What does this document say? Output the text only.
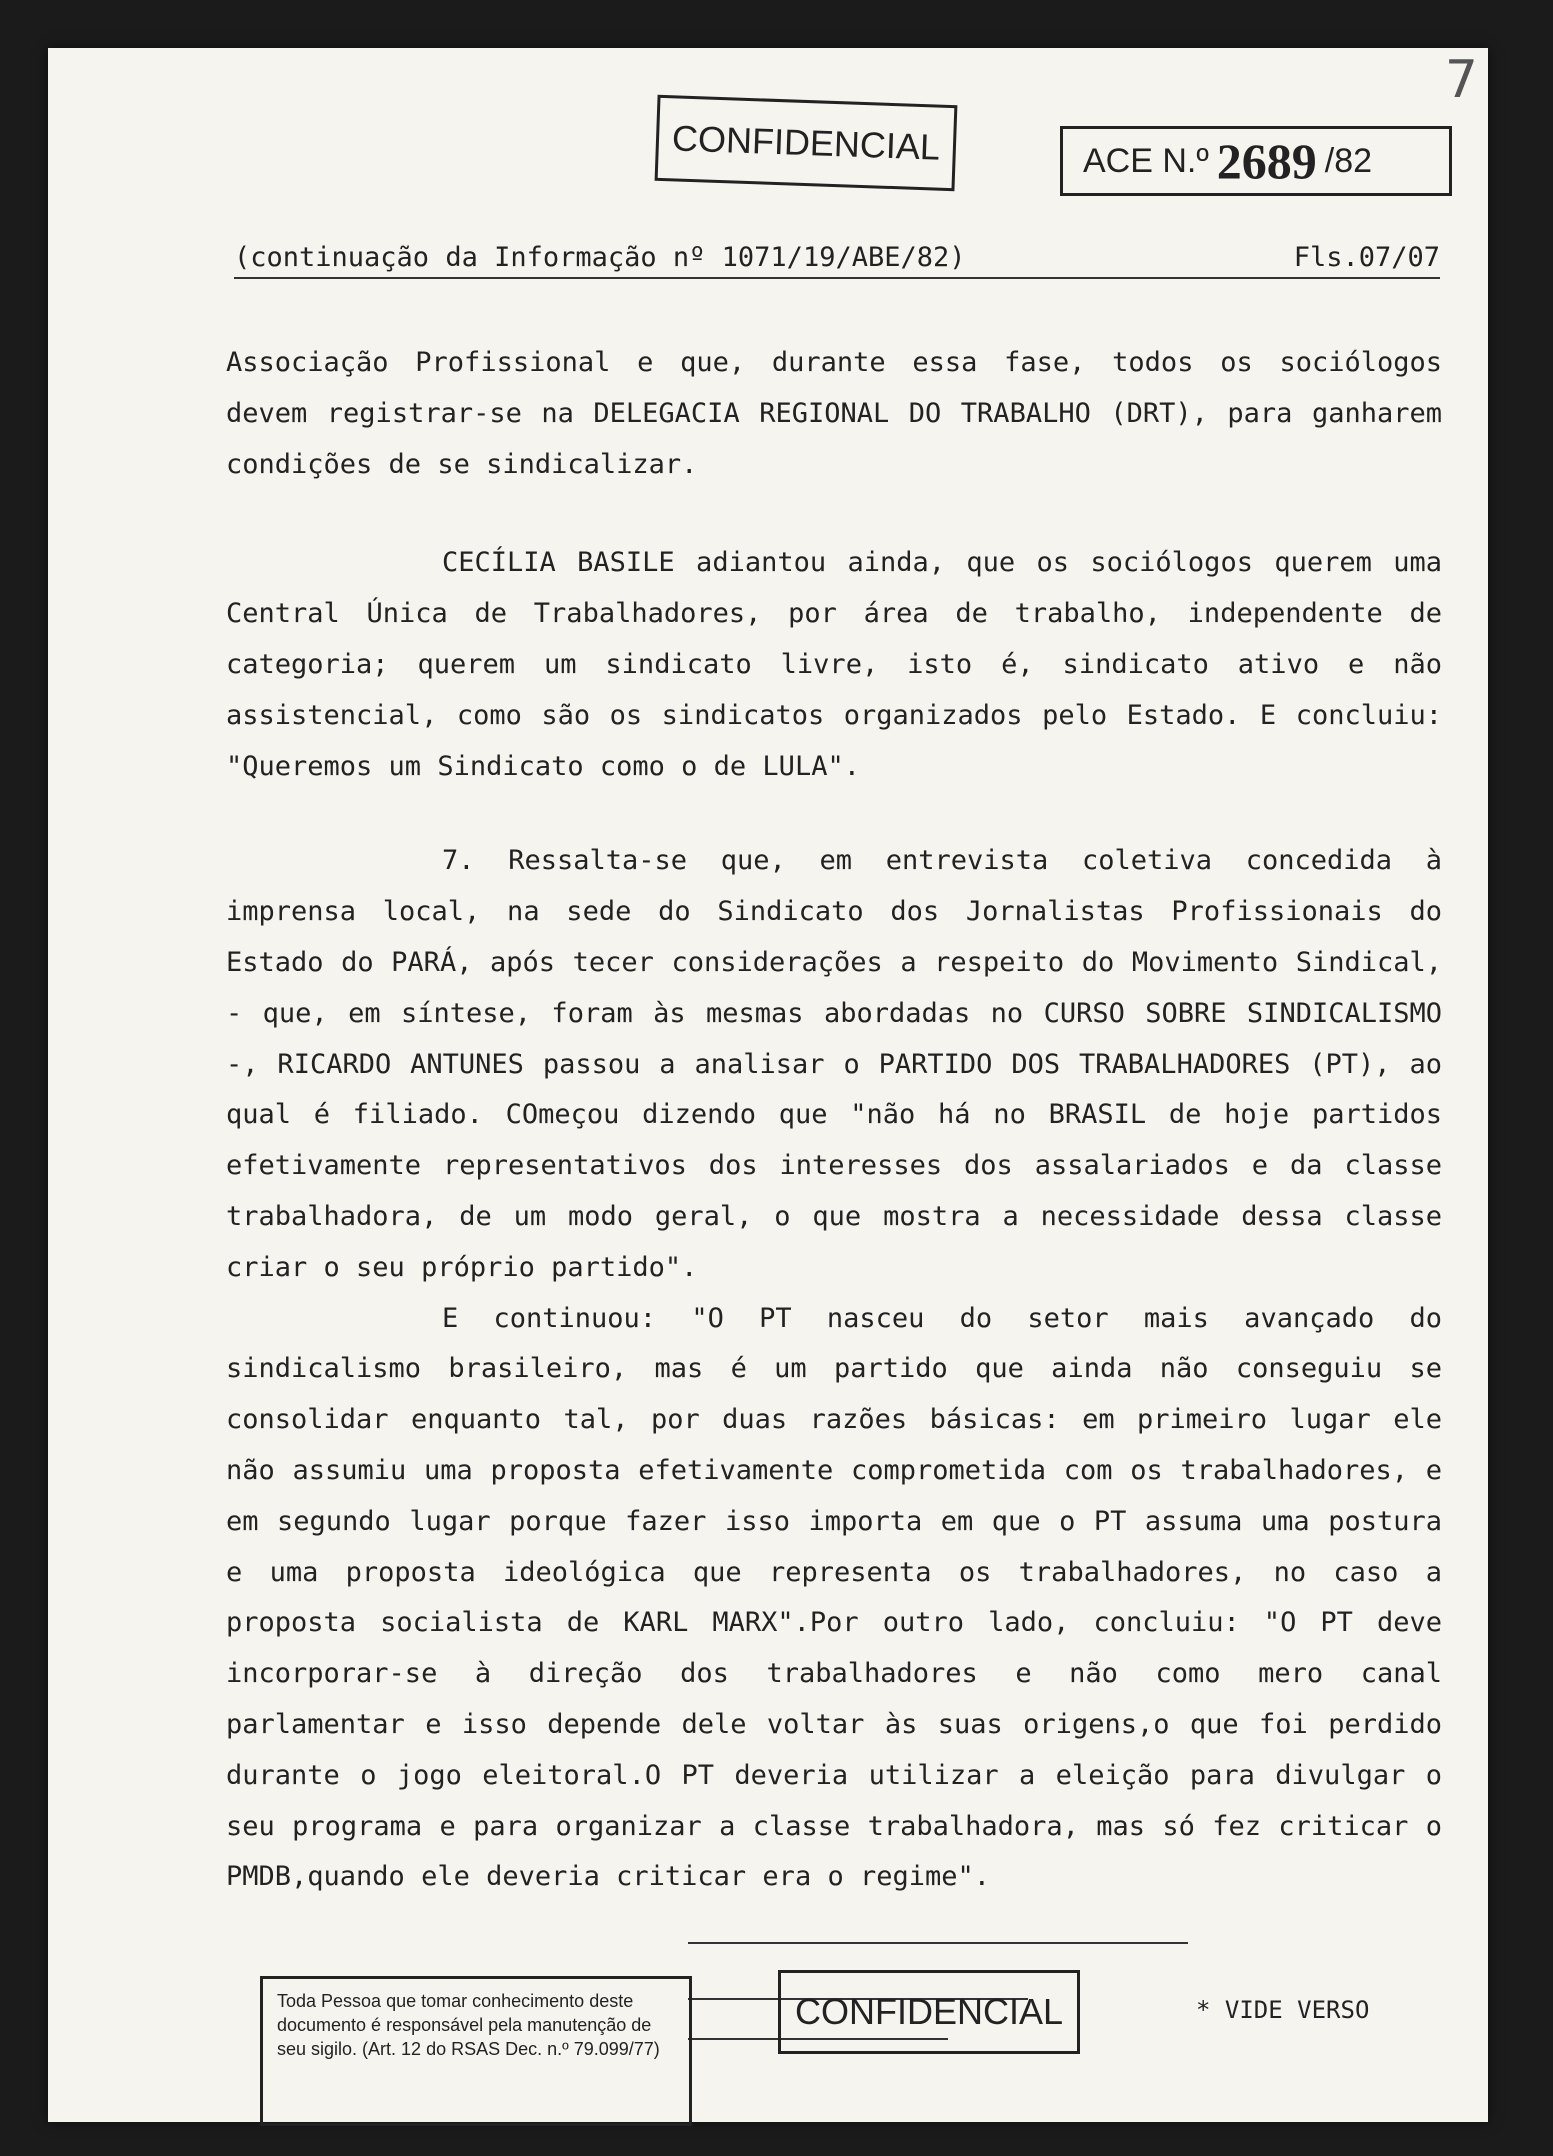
7
CONFIDENCIAL	ACE N.º 2689 /82
(continuação da Informação nº 1071/19/ABE/82)	Fls.07/07

Associação Profissional e que, durante essa fase, todos os sociólogos devem registrar-se na DELEGACIA REGIONAL DO TRABALHO (DRT), para ganharem condições de se sindicalizar.

CECÍLIA BASILE adiantou ainda, que os sociólogos querem uma Central Única de Trabalhadores, por área de trabalho, independente de categoria; querem um sindicato livre, isto é, sindicato ativo e não assistencial, como são os sindicatos organizados pelo Estado. E concluiu: "Queremos um Sindicato como o de LULA".

7. Ressalta-se que, em entrevista coletiva concedida à imprensa local, na sede do Sindicato dos Jornalistas Profissionais do Estado do PARÁ, após tecer considerações a respeito do Movimento Sindical, - que, em síntese, foram às mesmas abordadas no CURSO SOBRE SINDICALISMO -, RICARDO ANTUNES passou a analisar o PARTIDO DOS TRABALHADORES (PT), ao qual é filiado. COmeçou dizendo que "não há no BRASIL de hoje partidos efetivamente representativos dos interesses dos assalariados e da classe trabalhadora, de um modo geral, o que mostra a necessidade dessa classe criar o seu próprio partido".

E continuou: "O PT nasceu do setor mais avançado do sindicalismo brasileiro, mas é um partido que ainda não conseguiu se consolidar enquanto tal, por duas razões básicas: em primeiro lugar ele não assumiu uma proposta efetivamente comprometida com os trabalhadores, e em segundo lugar porque fazer isso importa em que o PT assuma uma postura e uma proposta ideológica que representa os trabalhadores, no caso a proposta socialista de KARL MARX".Por outro lado, concluiu: "O PT deve incorporar-se à direção dos trabalhadores e não como mero canal parlamentar e isso depende dele voltar às suas origens,o que foi perdido durante o jogo eleitoral.O PT deveria utilizar a eleição para divulgar o seu programa e para organizar a classe trabalhadora, mas só fez criticar o PMDB,quando ele deveria criticar era o regime".

Toda Pessoa que tomar conhecimento deste documento é responsável pela manutenção de seu sigilo. (Art. 12 do RSAS Dec. n.º 79.099/77)
* VIDE VERSO
CONFIDENCIAL
